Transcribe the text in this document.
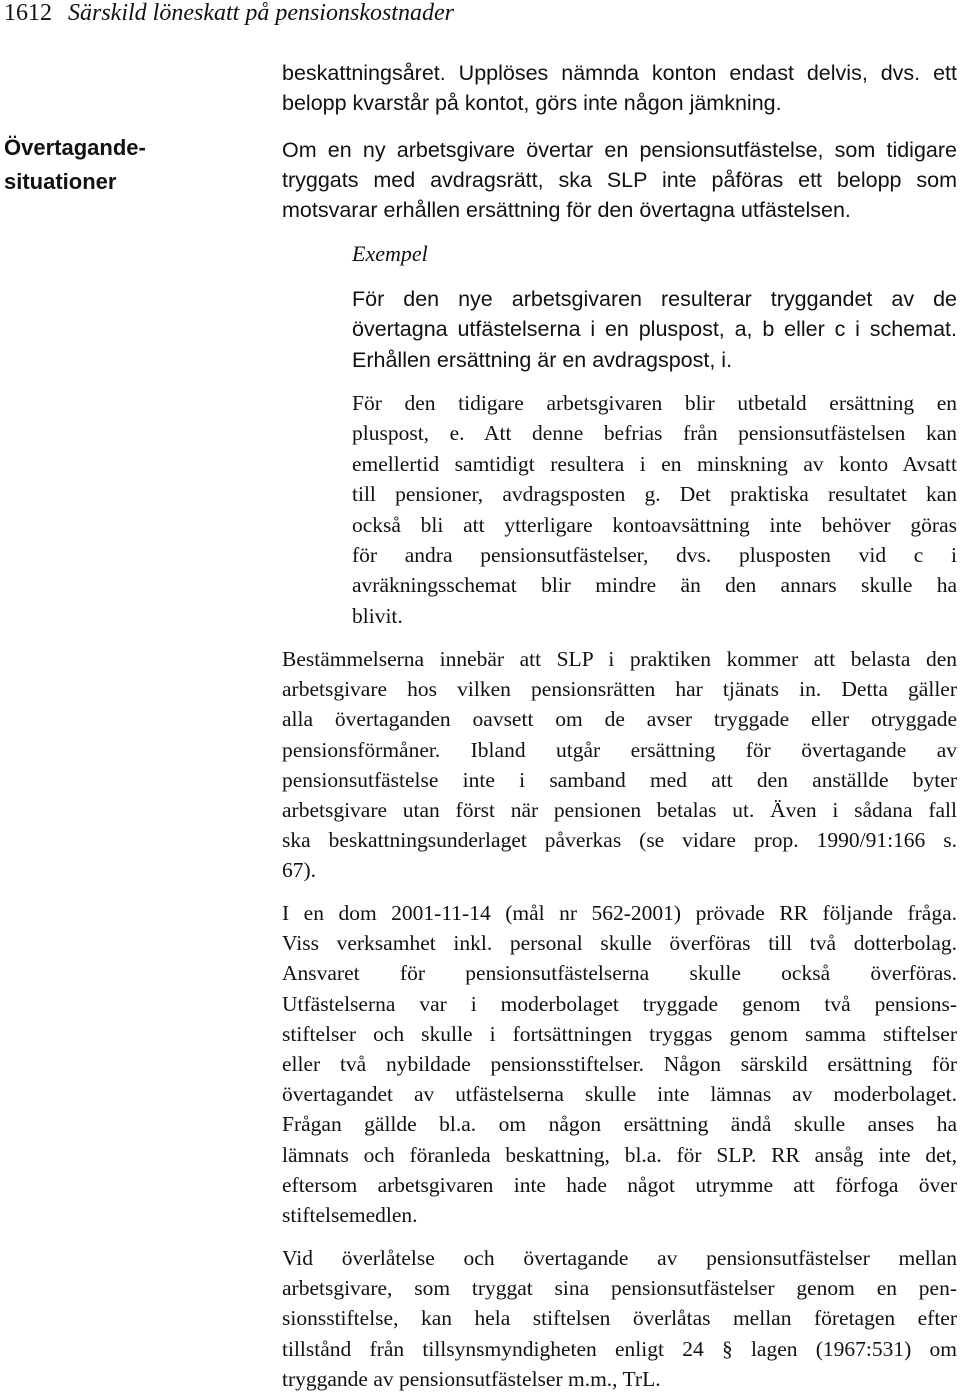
1612 Särskild löneskatt på pensionskostnader
Övertagande-
situationer
beskattningsåret. Upplöses nämnda konton endast delvis, dvs. ett
belopp kvarstår på kontot, görs inte någon jämkning.
Om en ny arbetsgivare övertar en pensionsutfästelse, som tidigare
tryggats med avdragsrätt, ska SLP inte påföras ett belopp som
motsvarar erhållen ersättning för den övertagna utfästelsen.

Exempel

För den nye arbetsgivaren resulterar tryggandet av de
övertagna utfästelserna i en pluspost, a, b eller c i schemat.
Erhållen ersättning är en avdragspost, i.
För den tidigare arbetsgivaren blir utbetald ersättning en
pluspost, e. Att denne befrias från pensionsutfästelsen kan
emellertid samtidigt resultera i en minskning av konto Avsatt
till pensioner, avdragsposten g. Det praktiska resultatet kan
också bli att ytterligare kontoavsättning inte behöver göras
för andra pensionsutfästelser, dvs. plusposten vid c i
avräkningsschemat blir mindre än den annars skulle ha
blivit.
Bestämmelserna innebär att SLP i praktiken kommer att belasta den
arbetsgivare hos vilken pensionsrätten har tjänats in. Detta gäller
alla övertaganden oavsett om de avser tryggade eller otryggade
pensionsförmåner. Ibland utgår ersättning för övertagande av
pensionsutfästelse inte i samband med att den anställde byter
arbetsgivare utan först när pensionen betalas ut. Även i sådana fall
ska beskattningsunderlaget påverkas (se vidare prop. 1990/91:166 s.
67).
I en dom 2001-11-14 (mål nr 562-2001) prövade RR följande fråga.
Viss verksamhet inkl. personal skulle överföras till två dotterbolag.
Ansvaret för pensionsutfästelserna skulle också överföras.
Utfästelserna var i moderbolaget tryggade genom två pensions-
stiftelser och skulle i fortsättningen tryggas genom samma stiftelser
eller två nybildade pensionsstiftelser. Någon särskild ersättning för
övertagandet av utfästelserna skulle inte lämnas av moderbolaget.
Frågan gällde bl.a. om någon ersättning ändå skulle anses ha
lämnats och föranleda beskattning, bl.a. för SLP. RR ansåg inte det,
eftersom arbetsgivaren inte hade något utrymme att förfoga över
stiftelsemedlen.
Vid överlåtelse och övertagande av pensionsutfästelser mellan
arbetsgivare, som tryggat sina pensionsutfästelser genom en pen-
sionsstiftelse, kan hela stiftelsen överlåtas mellan företagen efter
tillstånd från tillsynsmyndigheten enligt 24 § lagen (1967:531) om
tryggande av pensionsutfästelser m.m., TrL.
